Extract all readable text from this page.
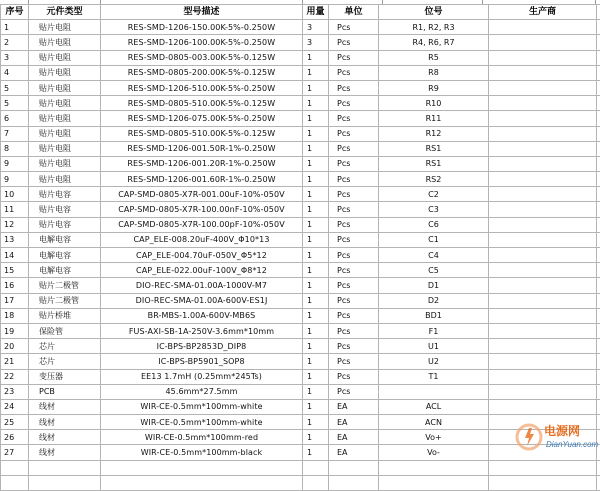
序号	元件类型	型号描述	用量	单位	位号	生产商	
1	贴片电阻	RES-SMD-1206-150.00K-5%-0.250W	3	Pcs	R1, R2, R3		
2	贴片电阻	RES-SMD-1206-100.00K-5%-0.250W	3	Pcs	R4, R6, R7		
3	贴片电阻	RES-SMD-0805-003.00K-5%-0.125W	1	Pcs	R5		
4	贴片电阻	RES-SMD-0805-200.00K-5%-0.125W	1	Pcs	R8		
5	贴片电阻	RES-SMD-1206-510.00K-5%-0.250W	1	Pcs	R9		
5	贴片电阻	RES-SMD-0805-510.00K-5%-0.125W	1	Pcs	R10		
6	贴片电阻	RES-SMD-1206-075.00K-5%-0.250W	1	Pcs	R11		
7	贴片电阻	RES-SMD-0805-510.00K-5%-0.125W	1	Pcs	R12		
8	贴片电阻	RES-SMD-1206-001.50R-1%-0.250W	1	Pcs	RS1		
9	贴片电阻	RES-SMD-1206-001.20R-1%-0.250W	1	Pcs	RS1		
9	贴片电阻	RES-SMD-1206-001.60R-1%-0.250W	1	Pcs	RS2		
10	贴片电容	CAP-SMD-0805-X7R-001.00uF-10%-050V	1	Pcs	C2		
11	贴片电容	CAP-SMD-0805-X7R-100.00nF-10%-050V	1	Pcs	C3		
12	贴片电容	CAP-SMD-0805-X7R-100.00pF-10%-050V	1	Pcs	C6		
13	电解电容	CAP_ELE-008.20uF-400V_Φ10*13	1	Pcs	C1		
14	电解电容	CAP_ELE-004.70uF-050V_Φ5*12	1	Pcs	C4		
15	电解电容	CAP_ELE-022.00uF-100V_Φ8*12	1	Pcs	C5		
16	贴片二极管	DIO-REC-SMA-01.00A-1000V-M7	1	Pcs	D1		
17	贴片二极管	DIO-REC-SMA-01.00A-600V-ES1J	1	Pcs	D2		
18	贴片桥堆	BR-MBS-1.00A-600V-MB6S	1	Pcs	BD1		
19	保险管	FUS-AXI-SB-1A-250V-3.6mm*10mm	1	Pcs	F1		
20	芯片	IC-BPS-BP2853D_DIP8	1	Pcs	U1		
21	芯片	IC-BPS-BP5901_SOP8	1	Pcs	U2		
22	变压器	EE13 1.7mH (0.25mm*245Ts)	1	Pcs	T1		
23	PCB	45.6mm*27.5mm	1	Pcs			
24	线材	WIR-CE-0.5mm*100mm-white	1	EA	ACL		
25	线材	WIR-CE-0.5mm*100mm-white	1	EA	ACN		
26	线材	WIR-CE-0.5mm*100mm-red	1	EA	Vo+		
27	线材	WIR-CE-0.5mm*100mm-black	1	EA	Vo-		

电源网
DianYuan.com
